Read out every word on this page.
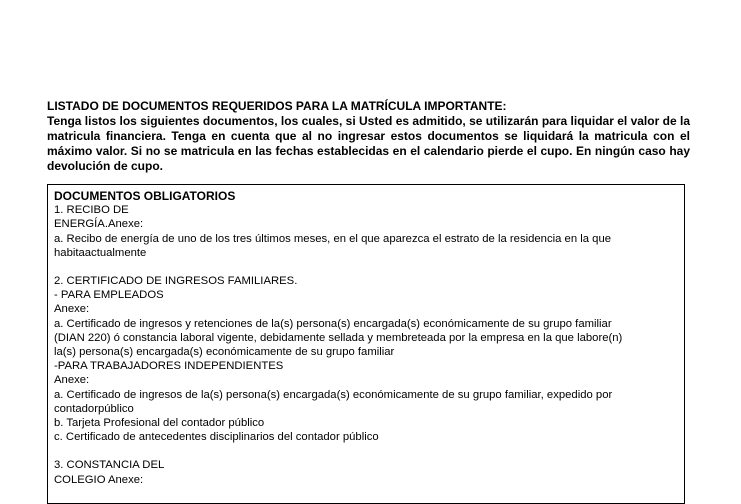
LISTADO DE DOCUMENTOS REQUERIDOS PARA LA MATRÍCULA IMPORTANTE:

Tenga listos los siguientes documentos, los cuales, si Usted es admitido, se utilizarán para liquidar el valor de la matricula financiera. Tenga en cuenta que al no ingresar estos documentos se liquidará la matricula con el máximo valor. Si no se matricula en las fechas establecidas en el calendario pierde el cupo. En ningún caso hay devolución de cupo.

DOCUMENTOS OBLIGATORIOS
1. RECIBO DE
ENERGÍA.Anexe:
a. Recibo de energía de uno de los tres últimos meses, en el que aparezca el estrato de la residencia en la que
habitaactualmente
2. CERTIFICADO DE INGRESOS FAMILIARES.
- PARA EMPLEADOS
Anexe:
a. Certificado de ingresos y retenciones de la(s) persona(s) encargada(s) económicamente de su grupo familiar
(DIAN 220) ó constancia laboral vigente, debidamente sellada y membreteada por la empresa en la que labore(n)
la(s) persona(s) encargada(s) económicamente de su grupo familiar
-PARA TRABAJADORES INDEPENDIENTES
Anexe:
a. Certificado de ingresos de la(s) persona(s) encargada(s) económicamente de su grupo familiar, expedido por
contadorpúblico
b. Tarjeta Profesional del contador público
c. Certificado de antecedentes disciplinarios del contador público
3. CONSTANCIA DEL
COLEGIO Anexe:
